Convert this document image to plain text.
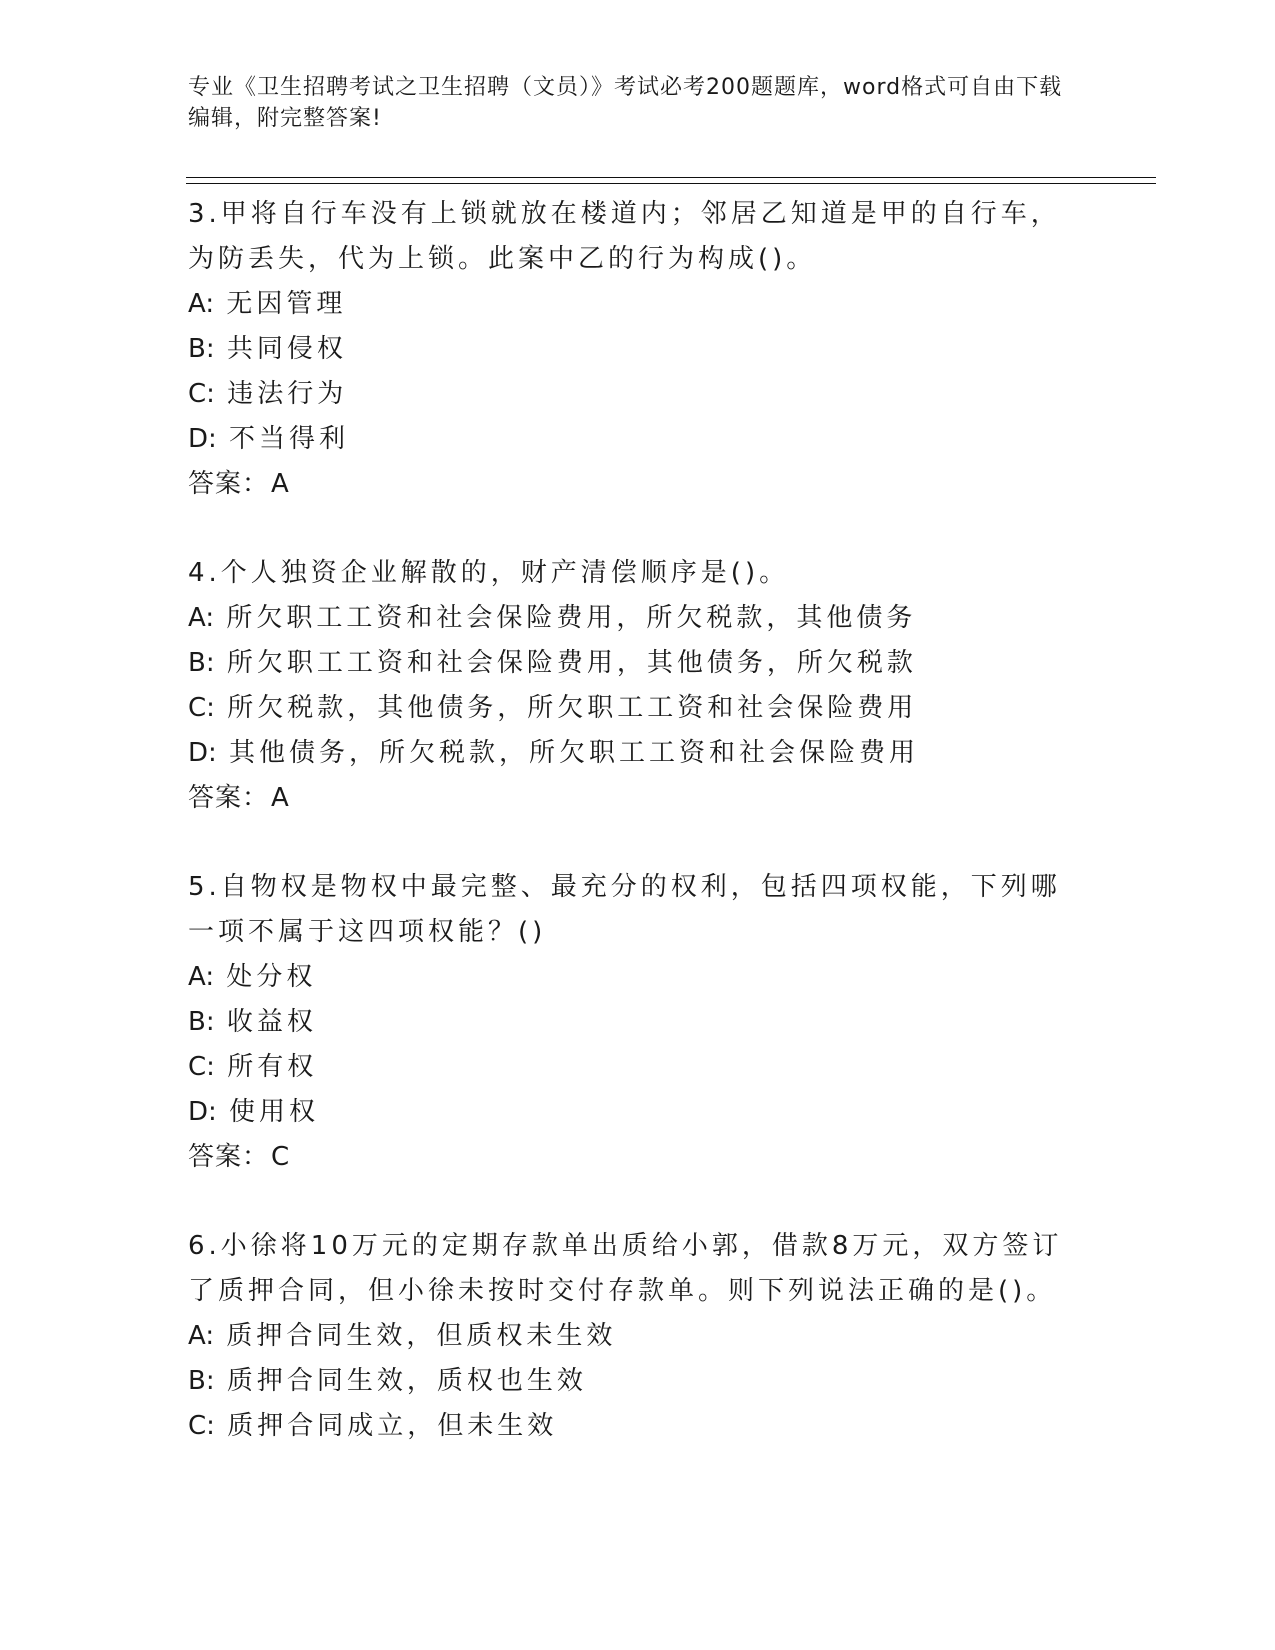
专业《卫生招聘考试之卫生招聘（文员）》考试必考200题题库，word格式可自由下载编辑，附完整答案!
3.甲将自行车没有上锁就放在楼道内；邻居乙知道是甲的自行车，为防丢失，代为上锁。此案中乙的行为构成()。
A: 无因管理
B: 共同侵权
C: 违法行为
D: 不当得利
答案：A
4.个人独资企业解散的，财产清偿顺序是()。
A: 所欠职工工资和社会保险费用，所欠税款，其他债务
B: 所欠职工工资和社会保险费用，其他债务，所欠税款
C: 所欠税款，其他债务，所欠职工工资和社会保险费用
D: 其他债务，所欠税款，所欠职工工资和社会保险费用
答案：A
5.自物权是物权中最完整、最充分的权利，包括四项权能，下列哪一项不属于这四项权能？()
A: 处分权
B: 收益权
C: 所有权
D: 使用权
答案：C
6.小徐将10万元的定期存款单出质给小郭，借款8万元，双方签订了质押合同，但小徐未按时交付存款单。则下列说法正确的是()。
A: 质押合同生效，但质权未生效
B: 质押合同生效，质权也生效
C: 质押合同成立，但未生效
